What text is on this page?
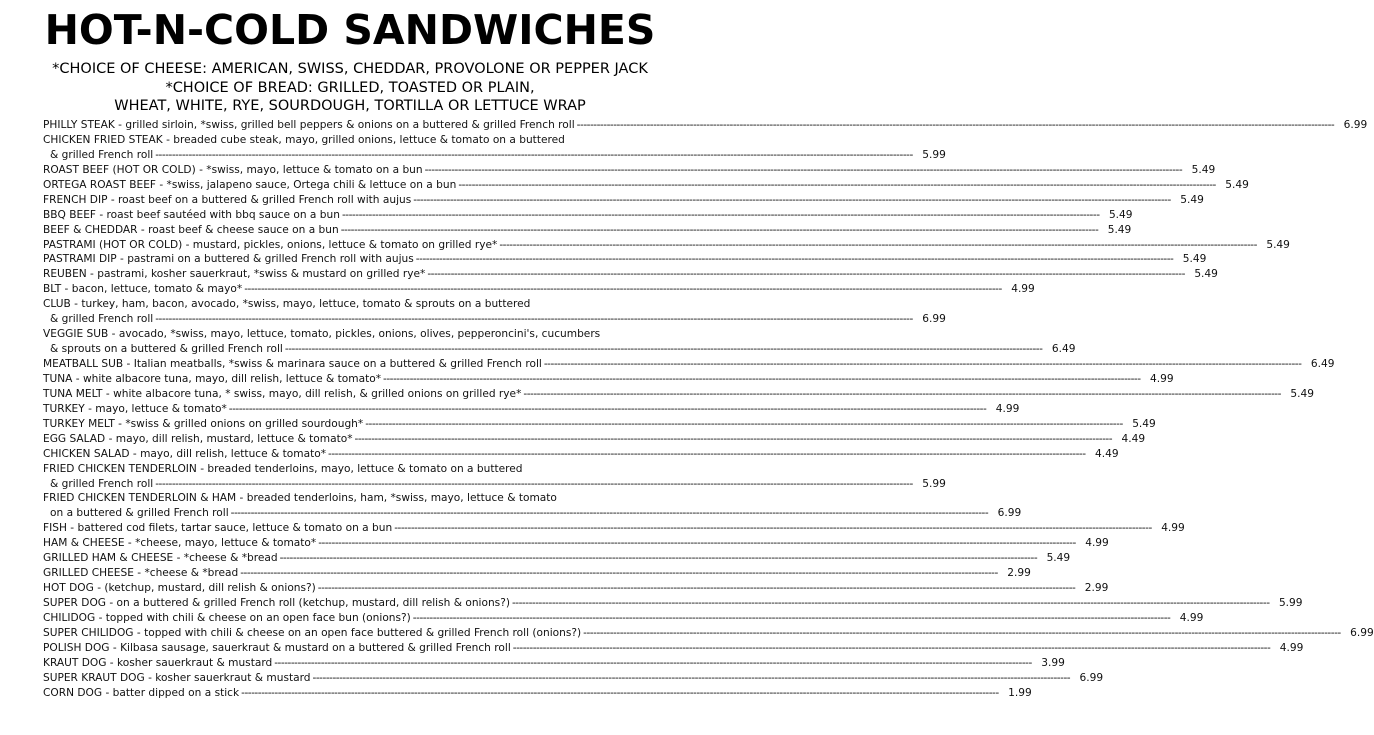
HOT-N-COLD SANDWICHES
*CHOICE OF CHEESE: AMERICAN, SWISS, CHEDDAR, PROVOLONE OR PEPPER JACK
*CHOICE OF BREAD: GRILLED, TOASTED OR PLAIN,
WHEAT, WHITE, RYE, SOURDOUGH, TORTILLA OR LETTUCE WRAP
PHILLY STEAK - grilled sirloin, *swiss, grilled bell peppers & onions on a buttered & grilled French roll -----	6.99
CHICKEN FRIED STEAK - breaded cube steak, mayo, grilled onions, lettuce & tomato on a buttered
& grilled French roll -----	5.99
ROAST BEEF (HOT OR COLD) - *swiss, mayo, lettuce & tomato on a bun -----	5.49
ORTEGA ROAST BEEF - *swiss, jalapeno sauce, Ortega chili & lettuce on a bun -----	5.49
FRENCH DIP - roast beef on a buttered & grilled French roll with aujus -----	5.49
BBQ BEEF - roast beef sautéed with bbq sauce on a bun -----	5.49
BEEF & CHEDDAR - roast beef & cheese sauce on a bun -----	5.49
PASTRAMI (HOT OR COLD) - mustard, pickles, onions, lettuce & tomato on grilled rye* -----	5.49
PASTRAMI DIP - pastrami on a buttered & grilled French roll with aujus -----	5.49
REUBEN - pastrami, kosher sauerkraut, *swiss & mustard on grilled rye* -----	5.49
BLT - bacon, lettuce, tomato & mayo* -----	4.99
CLUB - turkey, ham, bacon, avocado, *swiss, mayo, lettuce, tomato & sprouts on a buttered
& grilled French roll -----	6.99
VEGGIE SUB - avocado, *swiss, mayo, lettuce, tomato, pickles, onions, olives, pepperoncini's, cucumbers
& sprouts on a buttered & grilled French roll -----	6.49
MEATBALL SUB - Italian meatballs, *swiss & marinara sauce on a buttered & grilled French roll -----	6.49
TUNA - white albacore tuna, mayo, dill relish, lettuce & tomato* -----	4.99
TUNA MELT - white albacore tuna, * swiss, mayo, dill relish, & grilled onions on grilled rye* -----	5.49
TURKEY - mayo, lettuce & tomato* -----	4.99
TURKEY MELT - *swiss & grilled onions on grilled sourdough* -----	5.49
EGG SALAD - mayo, dill relish, mustard, lettuce & tomato* -----	4.49
CHICKEN SALAD - mayo, dill relish, lettuce & tomato* -----	4.49
FRIED CHICKEN TENDERLOIN - breaded tenderloins, mayo, lettuce & tomato on a buttered
& grilled French roll -----	5.99
FRIED CHICKEN TENDERLOIN & HAM - breaded tenderloins, ham, *swiss, mayo, lettuce & tomato
on a buttered & grilled French roll -----	6.99
FISH - battered cod filets, tartar sauce, lettuce & tomato on a bun -----	4.99
HAM & CHEESE - *cheese, mayo, lettuce & tomato* -----	4.99
GRILLED HAM & CHEESE - *cheese & *bread -----	5.49
GRILLED CHEESE - *cheese & *bread -----	2.99
HOT DOG - (ketchup, mustard, dill relish & onions?) -----	2.99
SUPER DOG - on a buttered & grilled French roll (ketchup, mustard, dill relish & onions?) -----	5.99
CHILIDOG - topped with chili & cheese on an open face bun (onions?) -----	4.99
SUPER CHILIDOG - topped with chili & cheese on an open face buttered & grilled French roll (onions?) -----	6.99
POLISH DOG - Kilbasa sausage, sauerkraut & mustard on a buttered & grilled French roll -----	4.99
KRAUT DOG - kosher sauerkraut & mustard -----	3.99
SUPER KRAUT DOG - kosher sauerkraut & mustard -----	6.99
CORN DOG - batter dipped on a stick -----	1.99
